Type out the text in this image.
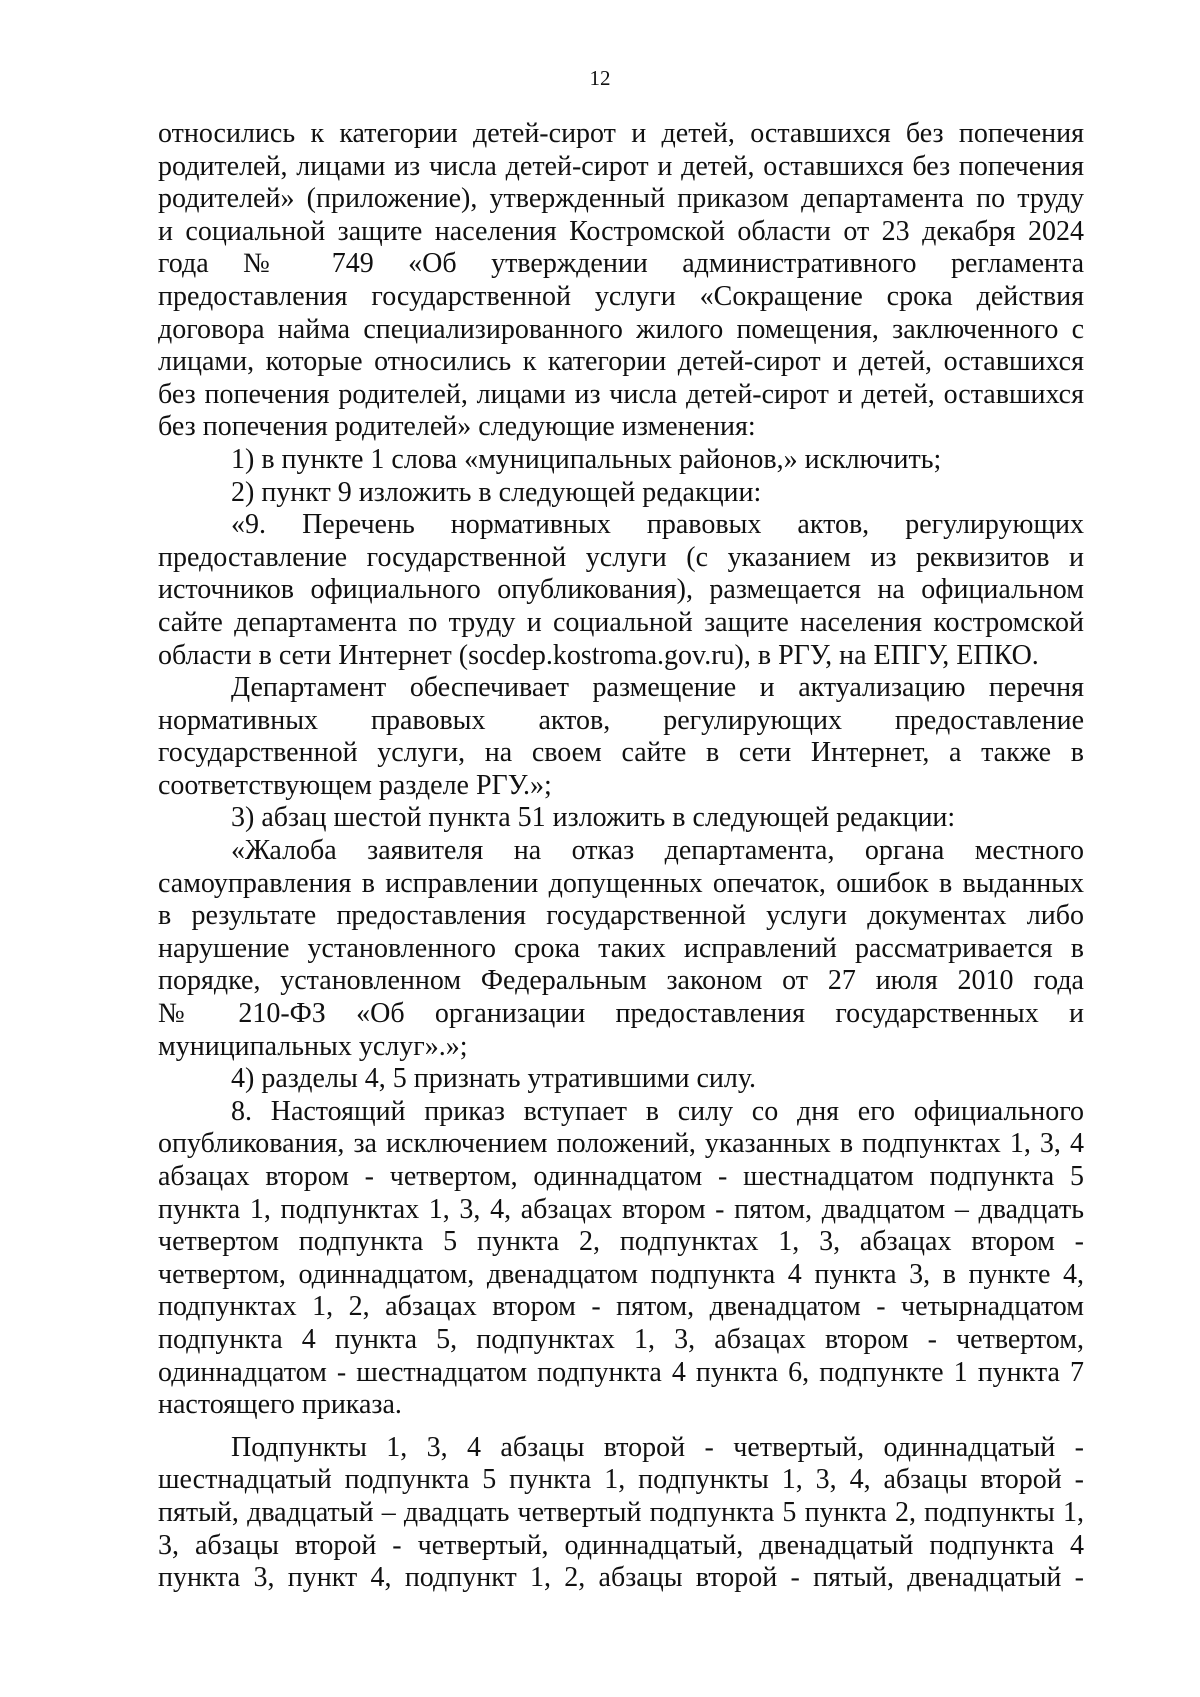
12
относились к категории детей-сирот и детей, оставшихся без попечения
родителей, лицами из числа детей-сирот и детей, оставшихся без попечения
родителей» (приложение), утвержденный приказом департамента по труду
и социальной защите населения Костромской области от 23 декабря 2024
года № 749 «Об утверждении административного регламента
предоставления государственной услуги «Сокращение срока действия
договора найма специализированного жилого помещения, заключенного с
лицами, которые относились к категории детей-сирот и детей, оставшихся
без попечения родителей, лицами из числа детей-сирот и детей, оставшихся
без попечения родителей» следующие изменения:
1) в пункте 1 слова «муниципальных районов,» исключить;
2) пункт 9 изложить в следующей редакции:
«9. Перечень нормативных правовых актов, регулирующих
предоставление государственной услуги (с указанием из реквизитов и
источников официального опубликования), размещается на официальном
сайте департамента по труду и социальной защите населения костромской
области в сети Интернет (socdep.kostroma.gov.ru), в РГУ, на ЕПГУ, ЕПКО.
Департамент обеспечивает размещение и актуализацию перечня
нормативных правовых актов, регулирующих предоставление
государственной услуги, на своем сайте в сети Интернет, а также в
соответствующем разделе РГУ.»;
3) абзац шестой пункта 51 изложить в следующей редакции:
«Жалоба заявителя на отказ департамента, органа местного
самоуправления в исправлении допущенных опечаток, ошибок в выданных
в результате предоставления государственной услуги документах либо
нарушение установленного срока таких исправлений рассматривается в
порядке, установленном Федеральным законом от 27 июля 2010 года
№ 210-ФЗ «Об организации предоставления государственных и
муниципальных услуг».»;
4) разделы 4, 5 признать утратившими силу.
8. Настоящий приказ вступает в силу со дня его официального
опубликования, за исключением положений, указанных в подпунктах 1, 3, 4
абзацах втором - четвертом, одиннадцатом - шестнадцатом подпункта 5
пункта 1, подпунктах 1, 3, 4, абзацах втором - пятом, двадцатом – двадцать
четвертом подпункта 5 пункта 2, подпунктах 1, 3, абзацах втором -
четвертом, одиннадцатом, двенадцатом подпункта 4 пункта 3, в пункте 4,
подпунктах 1, 2, абзацах втором - пятом, двенадцатом - четырнадцатом
подпункта 4 пункта 5, подпунктах 1, 3, абзацах втором - четвертом,
одиннадцатом - шестнадцатом подпункта 4 пункта 6, подпункте 1 пункта 7
настоящего приказа.
Подпункты 1, 3, 4 абзацы второй - четвертый, одиннадцатый -
шестнадцатый подпункта 5 пункта 1, подпункты 1, 3, 4, абзацы второй -
пятый, двадцатый – двадцать четвертый подпункта 5 пункта 2, подпункты 1,
3, абзацы второй - четвертый, одиннадцатый, двенадцатый подпункта 4
пункта 3, пункт 4, подпункт 1, 2, абзацы второй - пятый, двенадцатый -
